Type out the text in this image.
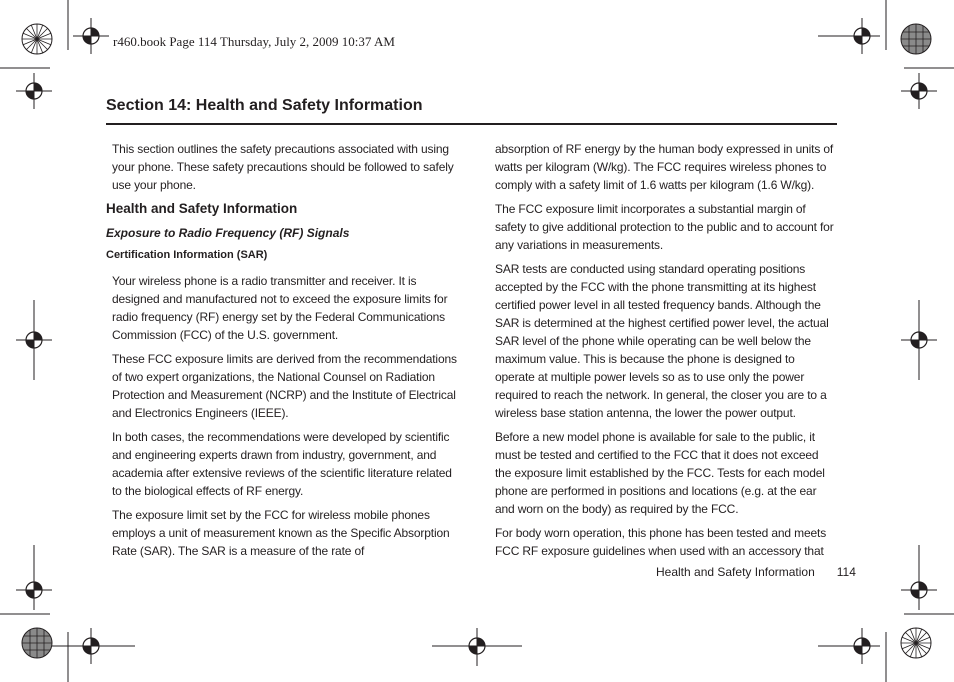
r460.book Page 114 Thursday, July 2, 2009 10:37 AM
Section 14: Health and Safety Information

This section outlines the safety precautions associated with using your phone. These safety precautions should be followed to safely use your phone.

Health and Safety Information
Exposure to Radio Frequency (RF) Signals
Certification Information (SAR)

Your wireless phone is a radio transmitter and receiver. It is designed and manufactured not to exceed the exposure limits for radio frequency (RF) energy set by the Federal Communications Commission (FCC) of the U.S. government.

These FCC exposure limits are derived from the recommendations of two expert organizations, the National Counsel on Radiation Protection and Measurement (NCRP) and the Institute of Electrical and Electronics Engineers (IEEE).

In both cases, the recommendations were developed by scientific and engineering experts drawn from industry, government, and academia after extensive reviews of the scientific literature related to the biological effects of RF energy.

The exposure limit set by the FCC for wireless mobile phones employs a unit of measurement known as the Specific Absorption Rate (SAR). The SAR is a measure of the rate of

absorption of RF energy by the human body expressed in units of watts per kilogram (W/kg). The FCC requires wireless phones to comply with a safety limit of 1.6 watts per kilogram (1.6 W/kg).

The FCC exposure limit incorporates a substantial margin of safety to give additional protection to the public and to account for any variations in measurements.

SAR tests are conducted using standard operating positions accepted by the FCC with the phone transmitting at its highest certified power level in all tested frequency bands. Although the SAR is determined at the highest certified power level, the actual SAR level of the phone while operating can be well below the maximum value. This is because the phone is designed to operate at multiple power levels so as to use only the power required to reach the network. In general, the closer you are to a wireless base station antenna, the lower the power output.

Before a new model phone is available for sale to the public, it must be tested and certified to the FCC that it does not exceed the exposure limit established by the FCC. Tests for each model phone are performed in positions and locations (e.g. at the ear and worn on the body) as required by the FCC.

For body worn operation, this phone has been tested and meets FCC RF exposure guidelines when used with an accessory that

Health and Safety Information 114
